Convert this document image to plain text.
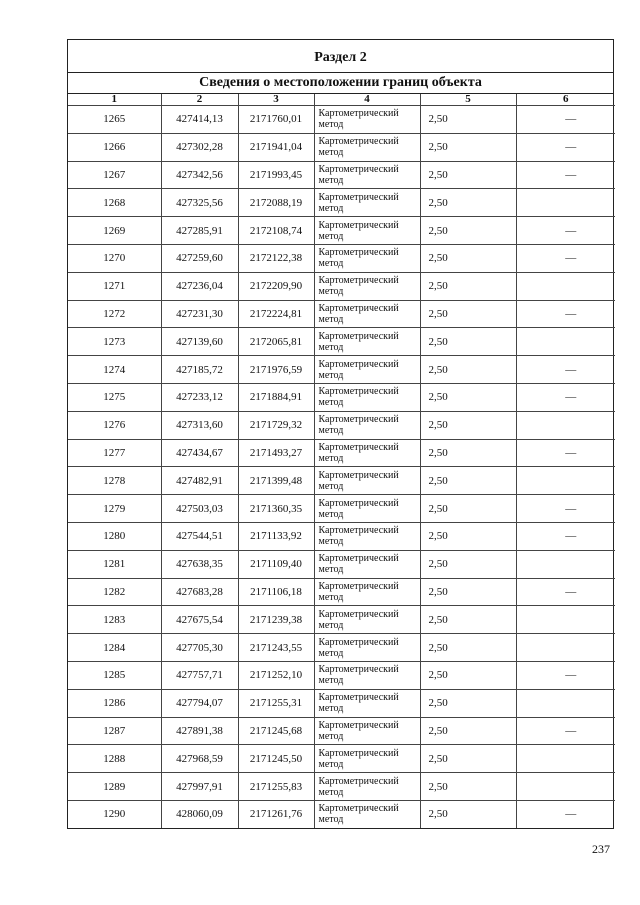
Раздел 2
Сведения о местоположении границ объекта
1	2	3	4	5	6
1265	427414,13	2171760,01	Картометрический метод	2,50	—
1266	427302,28	2171941,04	Картометрический метод	2,50	—
1267	427342,56	2171993,45	Картометрический метод	2,50	—
1268	427325,56	2172088,19	Картометрический метод	2,50	
1269	427285,91	2172108,74	Картометрический метод	2,50	—
1270	427259,60	2172122,38	Картометрический метод	2,50	—
1271	427236,04	2172209,90	Картометрический метод	2,50	
1272	427231,30	2172224,81	Картометрический метод	2,50	—
1273	427139,60	2172065,81	Картометрический метод	2,50	
1274	427185,72	2171976,59	Картометрический метод	2,50	—
1275	427233,12	2171884,91	Картометрический метод	2,50	—
1276	427313,60	2171729,32	Картометрический метод	2,50	
1277	427434,67	2171493,27	Картометрический метод	2,50	—
1278	427482,91	2171399,48	Картометрический метод	2,50	
1279	427503,03	2171360,35	Картометрический метод	2,50	—
1280	427544,51	2171133,92	Картометрический метод	2,50	—
1281	427638,35	2171109,40	Картометрический метод	2,50	
1282	427683,28	2171106,18	Картометрический метод	2,50	—
1283	427675,54	2171239,38	Картометрический метод	2,50	
1284	427705,30	2171243,55	Картометрический метод	2,50	
1285	427757,71	2171252,10	Картометрический метод	2,50	—
1286	427794,07	2171255,31	Картометрический метод	2,50	
1287	427891,38	2171245,68	Картометрический метод	2,50	—
1288	427968,59	2171245,50	Картометрический метод	2,50	
1289	427997,91	2171255,83	Картометрический метод	2,50	
1290	428060,09	2171261,76	Картометрический метод	2,50	—
237
